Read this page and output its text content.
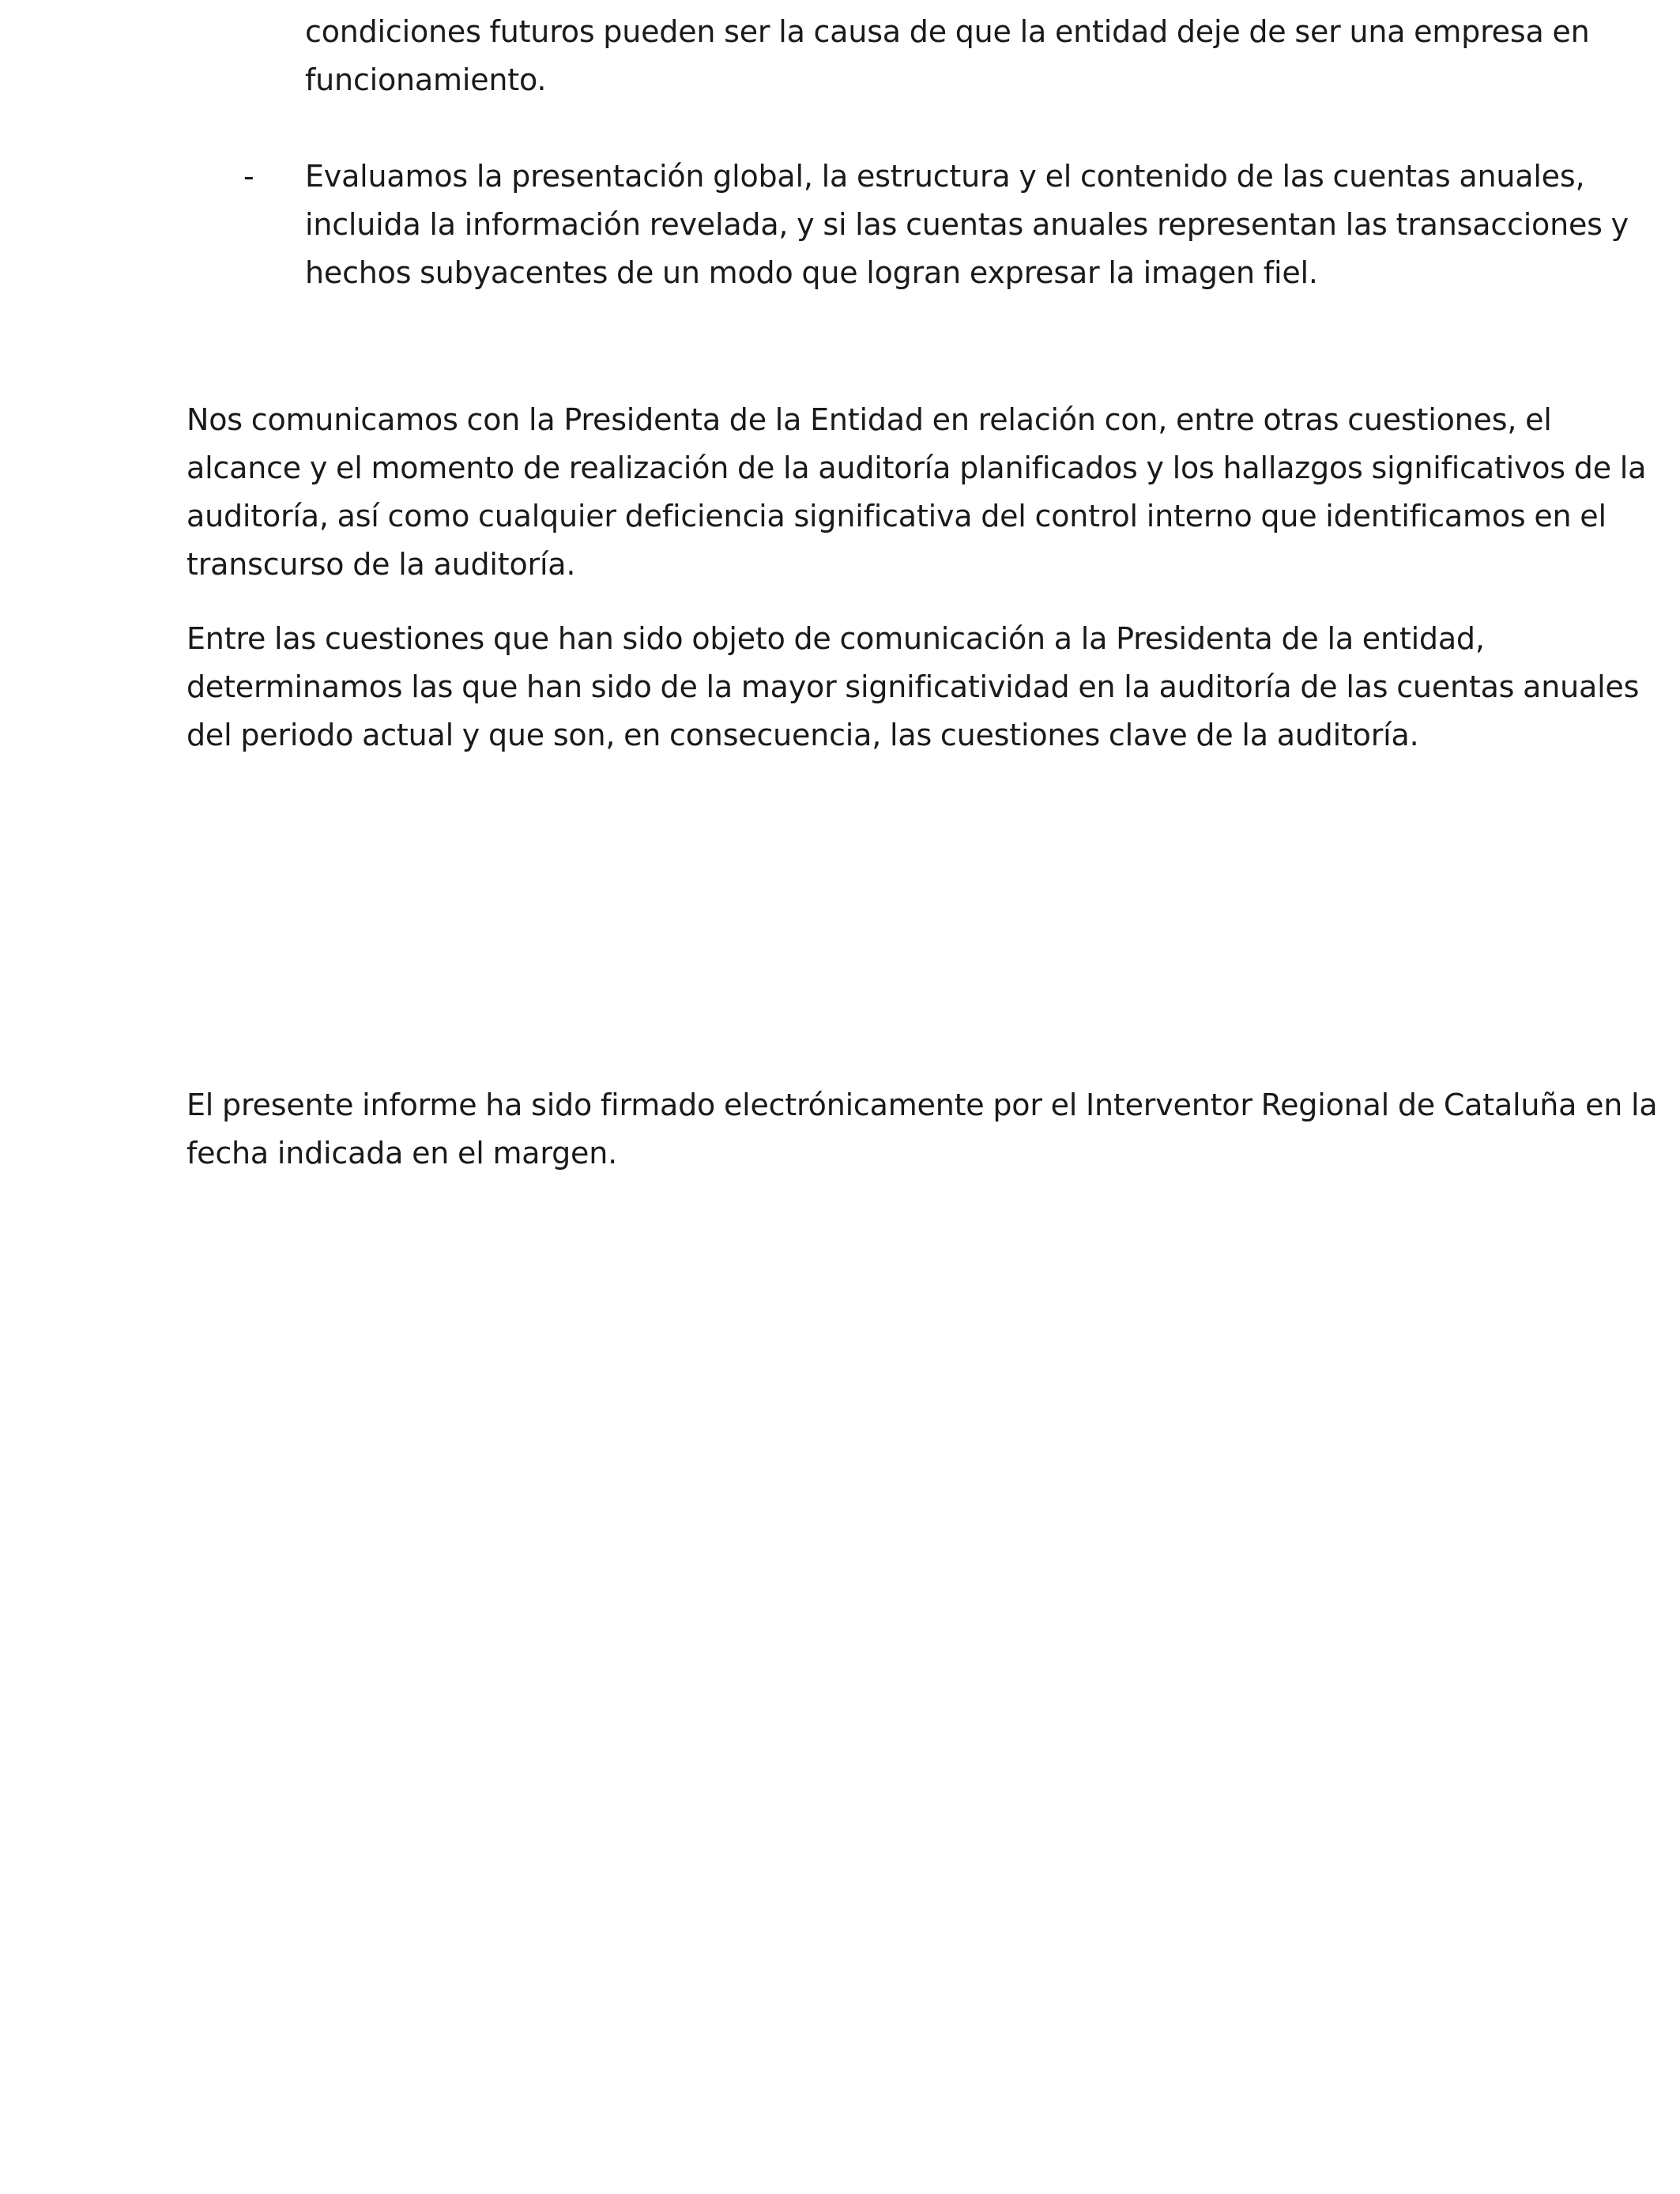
condiciones futuros pueden ser la causa de que la entidad deje de ser una empresa en funcionamiento.
-	Evaluamos la presentación global, la estructura y el contenido de las cuentas anuales, incluida la información revelada, y si las cuentas anuales representan las transacciones y hechos subyacentes de un modo que logran expresar la imagen fiel.

Nos comunicamos con la Presidenta de la Entidad en relación con, entre otras cuestiones, el alcance y el momento de realización de la auditoría planificados y los hallazgos significativos de la auditoría, así como cualquier deficiencia significativa del control interno que identificamos en el transcurso de la auditoría.

Entre las cuestiones que han sido objeto de comunicación a la Presidenta de la entidad, determinamos las que han sido de la mayor significatividad en la auditoría de las cuentas anuales del periodo actual y que son, en consecuencia, las cuestiones clave de la auditoría.

El presente informe ha sido firmado electrónicamente por el Interventor Regional de Cataluña en la fecha indicada en el margen.
